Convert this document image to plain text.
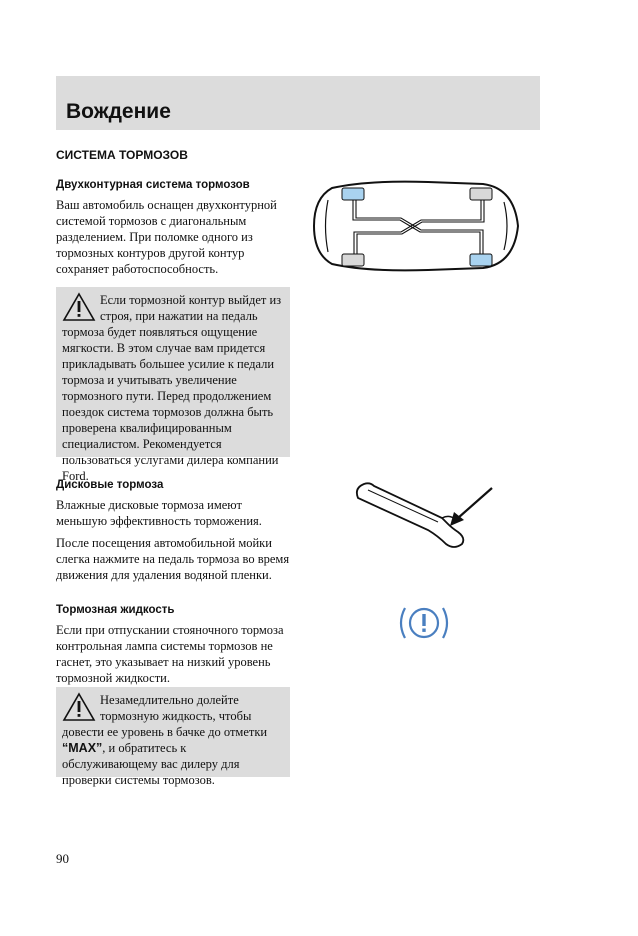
Вождение

СИСТЕМА ТОРМОЗОВ

Двухконтурная система тормозов

Ваш автомобиль оснащен двухконтурной системой тормозов с диагональным разделением. При поломке одного из тормозных контуров другой контур сохраняет работоспособность.

Если тормозной контур выйдет из строя, при нажатии на педаль тормоза будет появляться ощущение мягкости. В этом случае вам придется прикладывать большее усилие к педали тормоза и учитывать увеличение тормозного пути. Перед продолжением поездок система тормозов должна быть проверена квалифицированным специалистом. Рекомендуется пользоваться услугами дилера компании Ford.

Дисковые тормоза

Влажные дисковые тормоза имеют меньшую эффективность торможения.

После посещения автомобильной мойки слегка нажмите на педаль тормоза во время движения для удаления водяной пленки.

Тормозная жидкость

Если при отпускании стояночного тормоза контрольная лампа системы тормозов не гаснет, это указывает на низкий уровень тормозной жидкости.

Незамедлительно долейте тормозную жидкость, чтобы довести ее уровень в бачке до отметки “MAX”, и обратитесь к обслуживающему вас дилеру для проверки системы тормозов.

90
